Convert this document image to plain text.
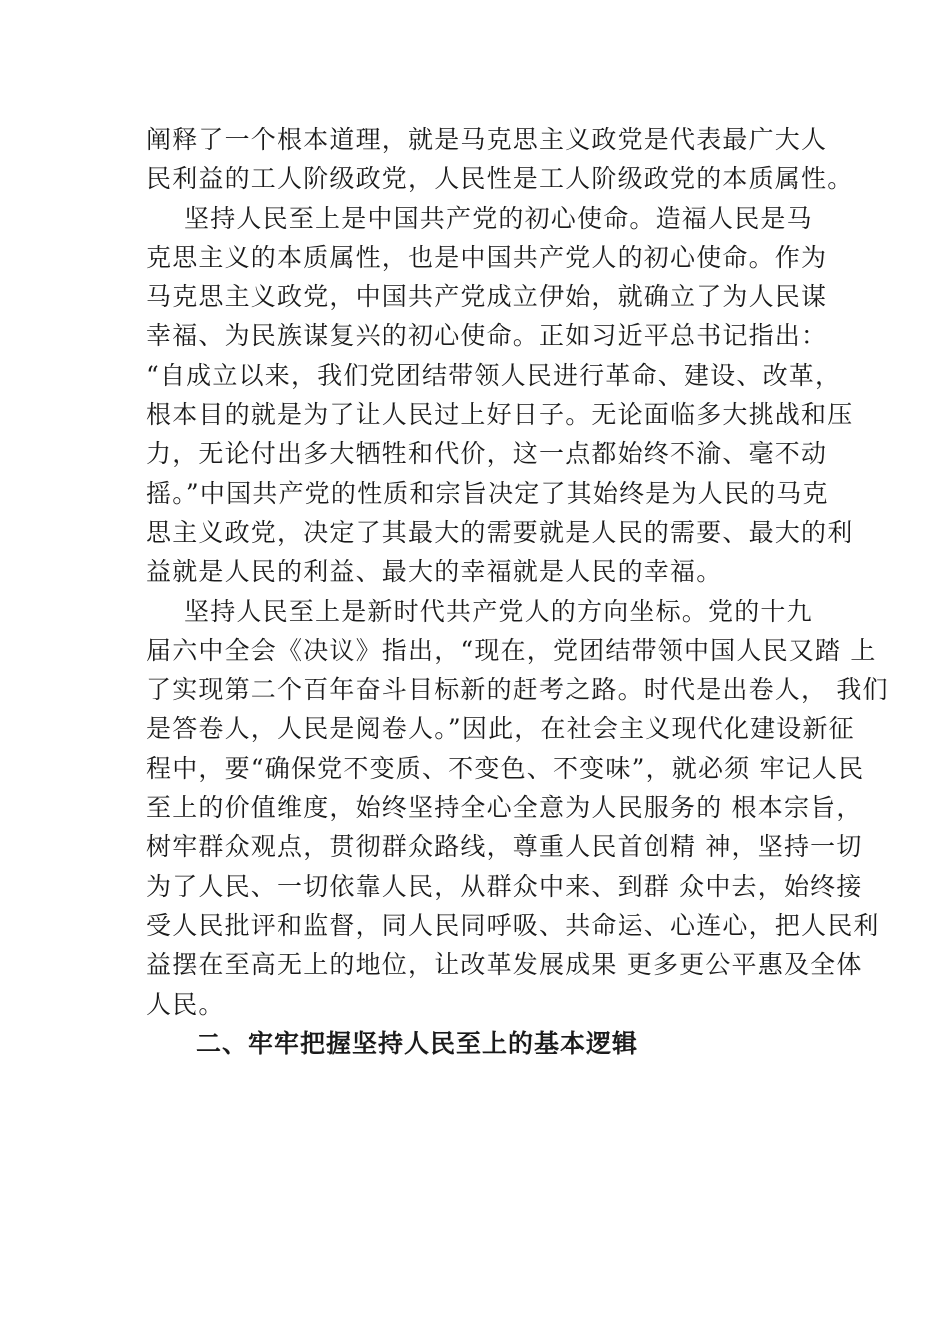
阐释了一个根本道理，就是马克思主义政党是代表最广大人
民利益的工人阶级政党，人民性是工人阶级政党的本质属性。
坚持人民至上是中国共产党的初心使命。造福人民是马
克思主义的本质属性，也是中国共产党人的初心使命。作为
马克思主义政党，中国共产党成立伊始，就确立了为人民谋
幸福、为民族谋复兴的初心使命。正如习近平总书记指出：
“自成立以来，我们党团结带领人民进行革命、建设、改革，
根本目的就是为了让人民过上好日子。无论面临多大挑战和压
力，无论付出多大牺牲和代价，这一点都始终不渝、毫不动
摇。”中国共产党的性质和宗旨决定了其始终是为人民的马克
思主义政党，决定了其最大的需要就是人民的需要、最大的利
益就是人民的利益、最大的幸福就是人民的幸福。
坚持人民至上是新时代共产党人的方向坐标。党的十九
届六中全会《决议》指出，“现在，党团结带领中国人民又踏 上
了实现第二个百年奋斗目标新的赶考之路。时代是出卷人， 我们
是答卷人，人民是阅卷人。”因此，在社会主义现代化建设新征
程中，要“确保党不变质、不变色、不变味”，就必须 牢记人民
至上的价值维度，始终坚持全心全意为人民服务的 根本宗旨，
树牢群众观点，贯彻群众路线，尊重人民首创精 神，坚持一切
为了人民、一切依靠人民，从群众中来、到群 众中去，始终接
受人民批评和监督，同人民同呼吸、共命运、心连心，把人民利
益摆在至高无上的地位，让改革发展成果 更多更公平惠及全体
人民。
二、牢牢把握坚持人民至上的基本逻辑
